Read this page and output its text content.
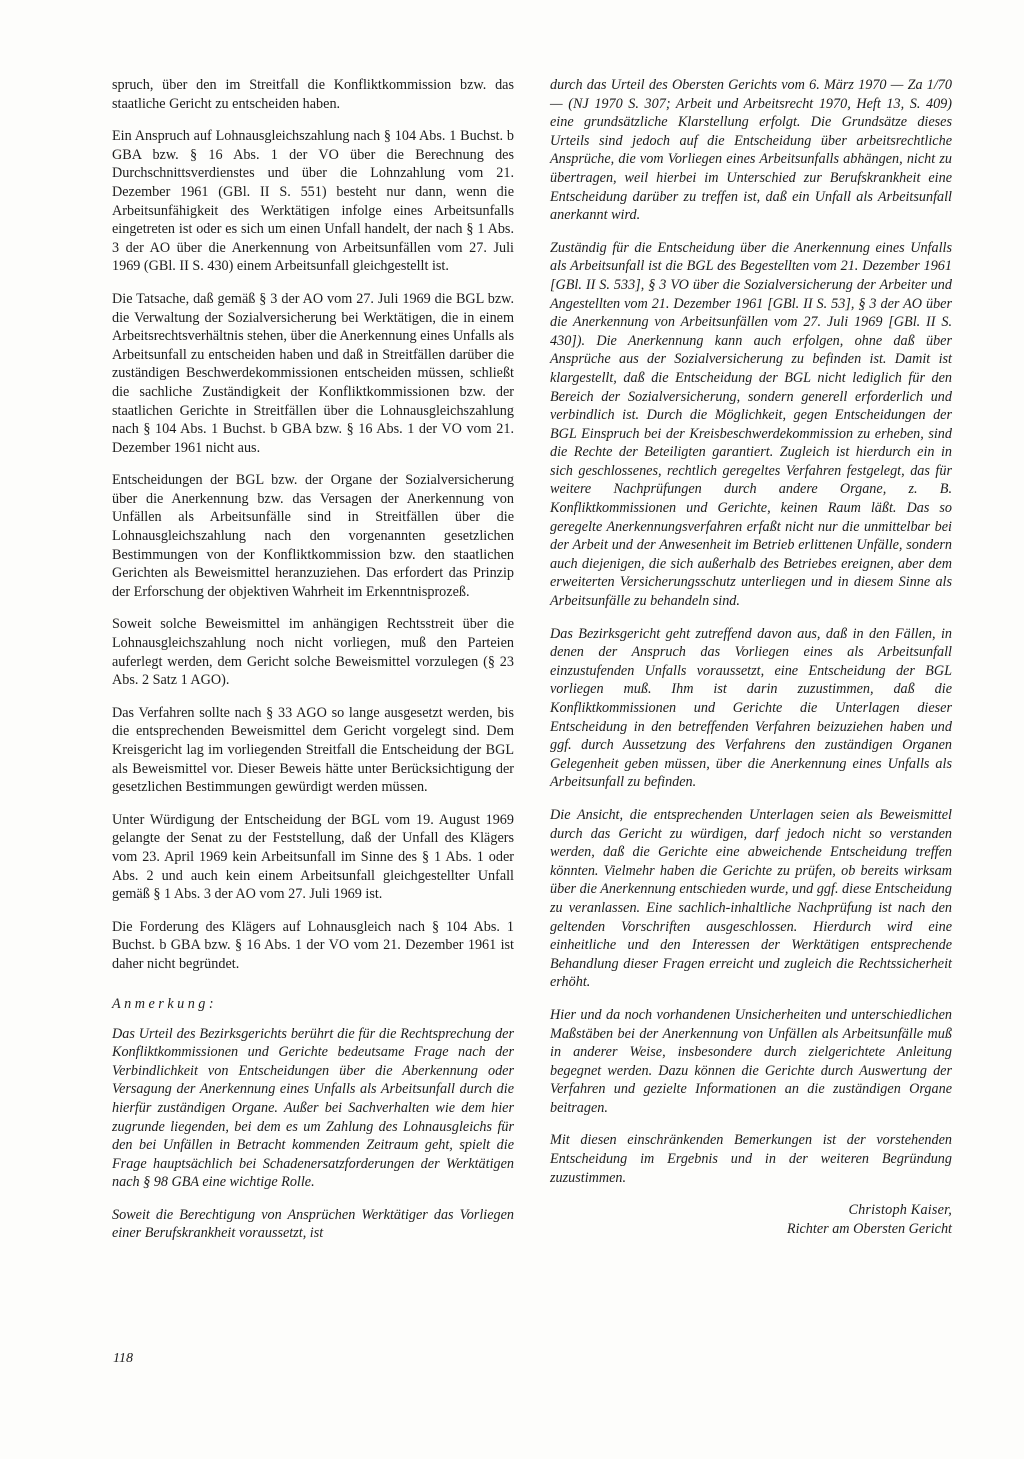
spruch, über den im Streitfall die Konfliktkommission bzw. das staatliche Gericht zu entscheiden haben.

Ein Anspruch auf Lohnausgleichszahlung nach § 104 Abs. 1 Buchst. b GBA bzw. § 16 Abs. 1 der VO über die Berechnung des Durchschnittsverdienstes und über die Lohnzahlung vom 21. Dezember 1961 (GBl. II S. 551) besteht nur dann, wenn die Arbeitsunfähigkeit des Werktätigen infolge eines Arbeitsunfalls eingetreten ist oder es sich um einen Unfall handelt, der nach § 1 Abs. 3 der AO über die Anerkennung von Arbeitsunfällen vom 27. Juli 1969 (GBl. II S. 430) einem Arbeitsunfall gleichgestellt ist.

Die Tatsache, daß gemäß § 3 der AO vom 27. Juli 1969 die BGL bzw. die Verwaltung der Sozialversicherung bei Werktätigen, die in einem Arbeitsrechtsverhältnis stehen, über die Anerkennung eines Unfalls als Arbeitsunfall zu entscheiden haben und daß in Streitfällen darüber die zuständigen Beschwerdekommissionen entscheiden müssen, schließt die sachliche Zuständigkeit der Konfliktkommissionen bzw. der staatlichen Gerichte in Streitfällen über die Lohnausgleichszahlung nach § 104 Abs. 1 Buchst. b GBA bzw. § 16 Abs. 1 der VO vom 21. Dezember 1961 nicht aus.

Entscheidungen der BGL bzw. der Organe der Sozialversicherung über die Anerkennung bzw. das Versagen der Anerkennung von Unfällen als Arbeitsunfälle sind in Streitfällen über die Lohnausgleichszahlung nach den vorgenannten gesetzlichen Bestimmungen von der Konfliktkommission bzw. den staatlichen Gerichten als Beweismittel heranzuziehen. Das erfordert das Prinzip der Erforschung der objektiven Wahrheit im Erkenntnisprozeß.

Soweit solche Beweismittel im anhängigen Rechtsstreit über die Lohnausgleichszahlung noch nicht vorliegen, muß den Parteien auferlegt werden, dem Gericht solche Beweismittel vorzulegen (§ 23 Abs. 2 Satz 1 AGO).

Das Verfahren sollte nach § 33 AGO so lange ausgesetzt werden, bis die entsprechenden Beweismittel dem Gericht vorgelegt sind. Dem Kreisgericht lag im vorliegenden Streitfall die Entscheidung der BGL als Beweismittel vor. Dieser Beweis hätte unter Berücksichtigung der gesetzlichen Bestimmungen gewürdigt werden müssen.

Unter Würdigung der Entscheidung der BGL vom 19. August 1969 gelangte der Senat zu der Feststellung, daß der Unfall des Klägers vom 23. April 1969 kein Arbeitsunfall im Sinne des § 1 Abs. 1 oder Abs. 2 und auch kein einem Arbeitsunfall gleichgestellter Unfall gemäß § 1 Abs. 3 der AO vom 27. Juli 1969 ist.

Die Forderung des Klägers auf Lohnausgleich nach § 104 Abs. 1 Buchst. b GBA bzw. § 16 Abs. 1 der VO vom 21. Dezember 1961 ist daher nicht begründet.

Anmerkung:

Das Urteil des Bezirksgerichts berührt die für die Rechtsprechung der Konfliktkommissionen und Gerichte bedeutsame Frage nach der Verbindlichkeit von Entscheidungen über die Aberkennung oder Versagung der Anerkennung eines Unfalls als Arbeitsunfall durch die hierfür zuständigen Organe. Außer bei Sachverhalten wie dem hier zugrunde liegenden, bei dem es um Zahlung des Lohnausgleichs für den bei Unfällen in Betracht kommenden Zeitraum geht, spielt die Frage hauptsächlich bei Schadenersatzforderungen der Werktätigen nach § 98 GBA eine wichtige Rolle.

Soweit die Berechtigung von Ansprüchen Werktätiger das Vorliegen einer Berufskrankheit voraussetzt, ist

durch das Urteil des Obersten Gerichts vom 6. März 1970 — Za 1/70 — (NJ 1970 S. 307; Arbeit und Arbeitsrecht 1970, Heft 13, S. 409) eine grundsätzliche Klarstellung erfolgt. Die Grundsätze dieses Urteils sind jedoch auf die Entscheidung über arbeitsrechtliche Ansprüche, die vom Vorliegen eines Arbeitsunfalls abhängen, nicht zu übertragen, weil hierbei im Unterschied zur Berufskrankheit eine Entscheidung darüber zu treffen ist, daß ein Unfall als Arbeitsunfall anerkannt wird.

Zuständig für die Entscheidung über die Anerkennung eines Unfalls als Arbeitsunfall ist die BGL des Begestellten vom 21. Dezember 1961 [GBl. II S. 533], § 3 VO über die Sozialversicherung der Arbeiter und Angestellten vom 21. Dezember 1961 [GBl. II S. 53], § 3 der AO über die Anerkennung von Arbeitsunfällen vom 27. Juli 1969 [GBl. II S. 430]). Die Anerkennung kann auch erfolgen, ohne daß über Ansprüche aus der Sozialversicherung zu befinden ist. Damit ist klargestellt, daß die Entscheidung der BGL nicht lediglich für den Bereich der Sozialversicherung, sondern generell erforderlich und verbindlich ist. Durch die Möglichkeit, gegen Entscheidungen der BGL Einspruch bei der Kreisbeschwerdekommission zu erheben, sind die Rechte der Beteiligten garantiert. Zugleich ist hierdurch ein in sich geschlossenes, rechtlich geregeltes Verfahren festgelegt, das für weitere Nachprüfungen durch andere Organe, z. B. Konfliktkommissionen und Gerichte, keinen Raum läßt. Das so geregelte Anerkennungsverfahren erfaßt nicht nur die unmittelbar bei der Arbeit und der Anwesenheit im Betrieb erlittenen Unfälle, sondern auch diejenigen, die sich außerhalb des Betriebes ereignen, aber dem erweiterten Versicherungsschutz unterliegen und in diesem Sinne als Arbeitsunfälle zu behandeln sind.

Das Bezirksgericht geht zutreffend davon aus, daß in den Fällen, in denen der Anspruch das Vorliegen eines als Arbeitsunfall einzustufenden Unfalls voraussetzt, eine Entscheidung der BGL vorliegen muß. Ihm ist darin zuzustimmen, daß die Konfliktkommissionen und Gerichte die Unterlagen dieser Entscheidung in den betreffenden Verfahren beizuziehen haben und ggf. durch Aussetzung des Verfahrens den zuständigen Organen Gelegenheit geben müssen, über die Anerkennung eines Unfalls als Arbeitsunfall zu befinden.

Die Ansicht, die entsprechenden Unterlagen seien als Beweismittel durch das Gericht zu würdigen, darf jedoch nicht so verstanden werden, daß die Gerichte eine abweichende Entscheidung treffen könnten. Vielmehr haben die Gerichte zu prüfen, ob bereits wirksam über die Anerkennung entschieden wurde, und ggf. diese Entscheidung zu veranlassen. Eine sachlich-inhaltliche Nachprüfung ist nach den geltenden Vorschriften ausgeschlossen. Hierdurch wird eine einheitliche und den Interessen der Werktätigen entsprechende Behandlung dieser Fragen erreicht und zugleich die Rechtssicherheit erhöht.

Hier und da noch vorhandenen Unsicherheiten und unterschiedlichen Maßstäben bei der Anerkennung von Unfällen als Arbeitsunfälle muß in anderer Weise, insbesondere durch zielgerichtete Anleitung begegnet werden. Dazu können die Gerichte durch Auswertung der Verfahren und gezielte Informationen an die zuständigen Organe beitragen.

Mit diesen einschränkenden Bemerkungen ist der vorstehenden Entscheidung im Ergebnis und in der weiteren Begründung zuzustimmen.

Christoph Kaiser,
Richter am Obersten Gericht
118
